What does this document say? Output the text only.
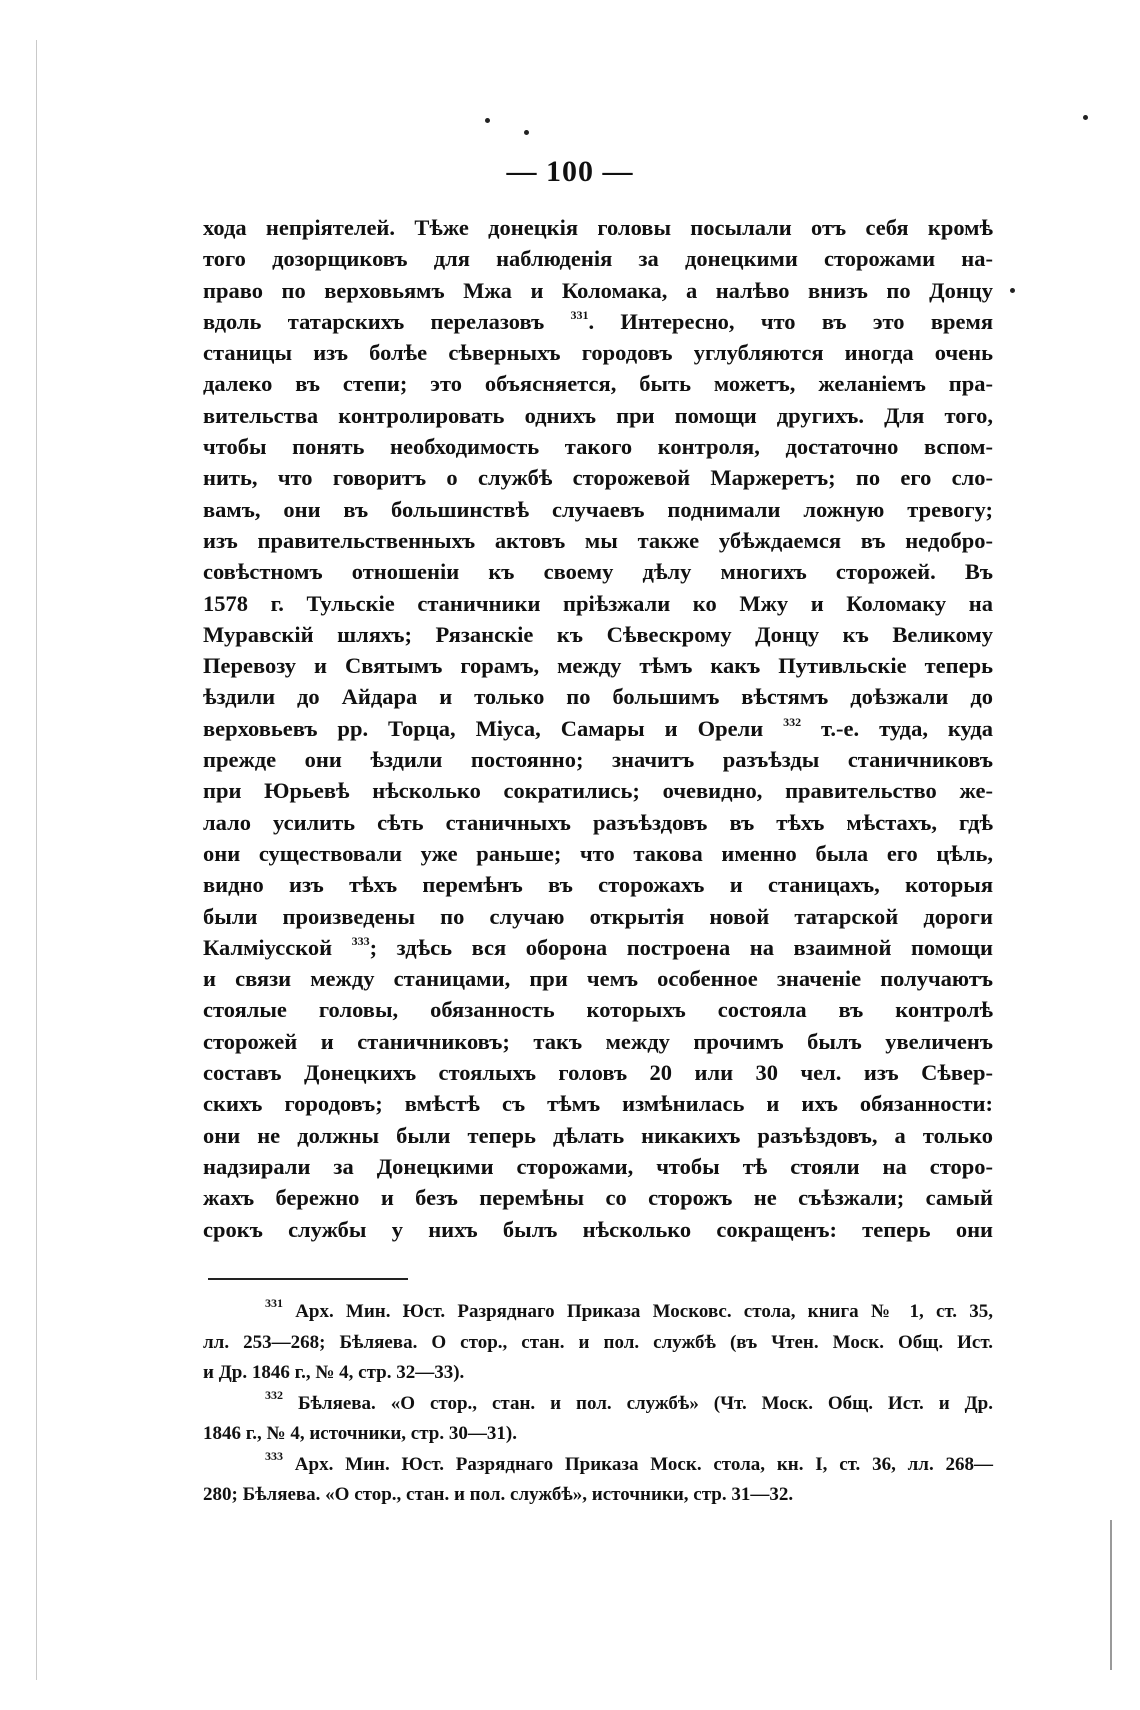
— 100 —
хода непріятелей. Тѣже донецкія головы посылали отъ себя кромѣ
того дозорщиковъ для наблюденія за донецкими сторожами на-
право по верховьямъ Мжа и Коломака, а налѣво внизъ по Донцу
вдоль татарскихъ перелазовъ $^{331}$. Интересно, что въ это время
станицы изъ болѣе сѣверныхъ городовъ углубляются иногда очень
далеко въ степи; это объясняется, быть можетъ, желаніемъ пра-
вительства контролировать однихъ при помощи другихъ. Для того,
чтобы понять необходимость такого контроля, достаточно вспом-
нить, что говоритъ о службѣ сторожевой Маржеретъ; по его сло-
вамъ, они въ большинствѣ случаевъ поднимали ложную тревогу;
изъ правительственныхъ актовъ мы также убѣждаемся въ недобро-
совѣстномъ отношеніи къ своему дѣлу многихъ сторожей. Въ
1578 г. Тульскіе станичники пріѣзжали ко Мжу и Коломаку на
Муравскій шляхъ; Рязанскіе къ Сѣвескрому Донцу къ Великому
Перевозу и Святымъ горамъ, между тѣмъ какъ Путивльскіе теперь
ѣздили до Айдара и только по большимъ вѣстямъ доѣзжали до
верховьевъ рр. Торца, Міуса, Самары и Орели $^{332}$ т.-е. туда, куда
прежде они ѣздили постоянно; значитъ разъѣзды станичниковъ
при Юрьевѣ нѣсколько сократились; очевидно, правительство же-
лало усилить сѣть станичныхъ разъѣздовъ въ тѣхъ мѣстахъ, гдѣ
они существовали уже раньше; что такова именно была его цѣль,
видно изъ тѣхъ перемѣнъ въ сторожахъ и станицахъ, которыя
были произведены по случаю открытія новой татарской дороги
Калміусской $^{333}$; здѣсь вся оборона построена на взаимной помощи
и связи между станицами, при чемъ особенное значеніе получаютъ
стоялые головы, обязанность которыхъ состояла въ контролѣ
сторожей и станичниковъ; такъ между прочимъ былъ увеличенъ
составъ Донецкихъ стоялыхъ головъ 20 или 30 чел. изъ Сѣвер-
скихъ городовъ; вмѣстѣ съ тѣмъ измѣнилась и ихъ обязанности:
они не должны были теперь дѣлать никакихъ разъѣздовъ, а только
надзирали за Донецкими сторожами, чтобы тѣ стояли на сторо-
жахъ бережно и безъ перемѣны со сторожъ не съѣзжали; самый
срокъ службы у нихъ былъ нѣсколько сокращенъ: теперь они
$^{331}$ Арх. Мин. Юст. Разряднаго Приказа Московс. стола, книга № 1, ст. 35,
лл. 253—268; Бѣляева. О стор., стан. и пол. службѣ (въ Чтен. Моск. Общ. Ист.
и Др. 1846 г., № 4, стр. 32—33).
$^{332}$ Бѣляева. «О стор., стан. и пол. службѣ» (Чт. Моск. Общ. Ист. и Др.
1846 г., № 4, источники, стр. 30—31).
$^{333}$ Арх. Мин. Юст. Разряднаго Приказа Моск. стола, кн. I, ст. 36, лл. 268—
280; Бѣляева. «О стор., стан. и пол. службѣ», источники, стр. 31—32.
